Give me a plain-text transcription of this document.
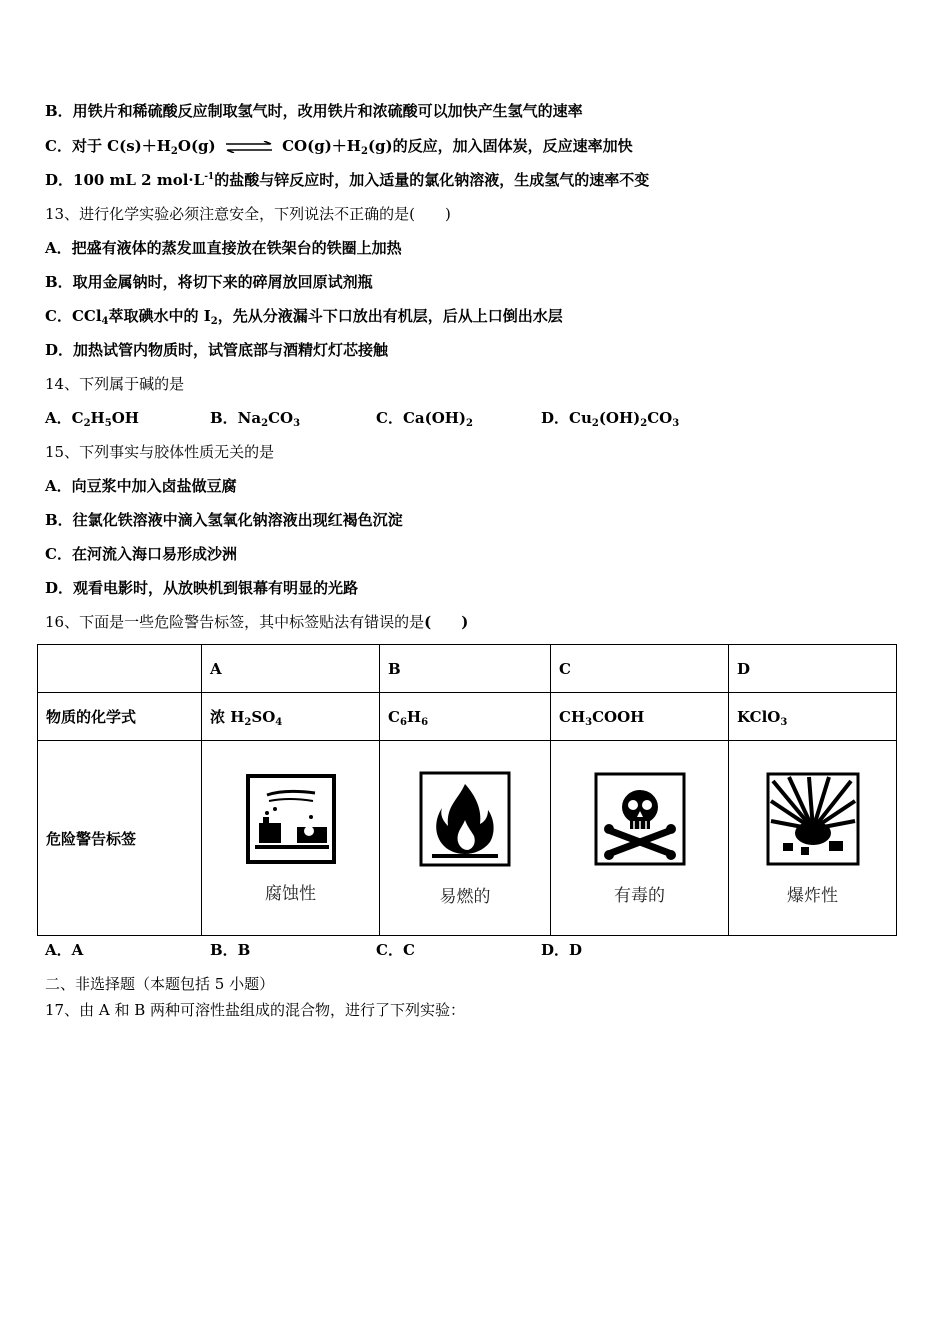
B．用铁片和稀硫酸反应制取氢气时，改用铁片和浓硫酸可以加快产生氢气的速率
C．对于 $C(s)+H_2O(g)$ ⇌ $CO(g)+H_2(g)$的反应，加入固体炭，反应速率加快
D．100 mL 2 $mol\cdot L^{-1}$的盐酸与锌反应时，加入适量的氯化钠溶液，生成氢气的速率不变
13、进行化学实验必须注意安全，下列说法不正确的是(　　)
A．把盛有液体的蒸发皿直接放在铁架台的铁圈上加热
B．取用金属钠时，将切下来的碎屑放回原试剂瓶
C．CCl$_4$萃取碘水中的 $I_2$，先从分液漏斗下口放出有机层，后从上口倒出水层
D．加热试管内物质时，试管底部与酒精灯灯芯接触
14、下列属于碱的是
A．$C_2H_5OH$	B．$Na_2CO_3$	C．$Ca(OH)_2$	D．$Cu_2(OH)_2CO_3$
15、下列事实与胶体性质无关的是
A．向豆浆中加入卤盐做豆腐
B．往氯化铁溶液中滴入氢氧化钠溶液出现红褐色沉淀
C．在河流入海口易形成沙洲
D．观看电影时，从放映机到银幕有明显的光路
16、下面是一些危险警告标签，其中标签贴法有错误的是(　　)
	A	B	C	D
物质的化学式	浓 $H_2SO_4$	$C_6H_6$	$CH_3COOH$	KClO$_3$
危险警告标签	腐蚀性	易燃的	有毒的	爆炸性
A．A	B．B	C．C	D．D
二、非选择题（本题包括 5 小题）
17、由 A 和 B 两种可溶性盐组成的混合物，进行了下列实验：
